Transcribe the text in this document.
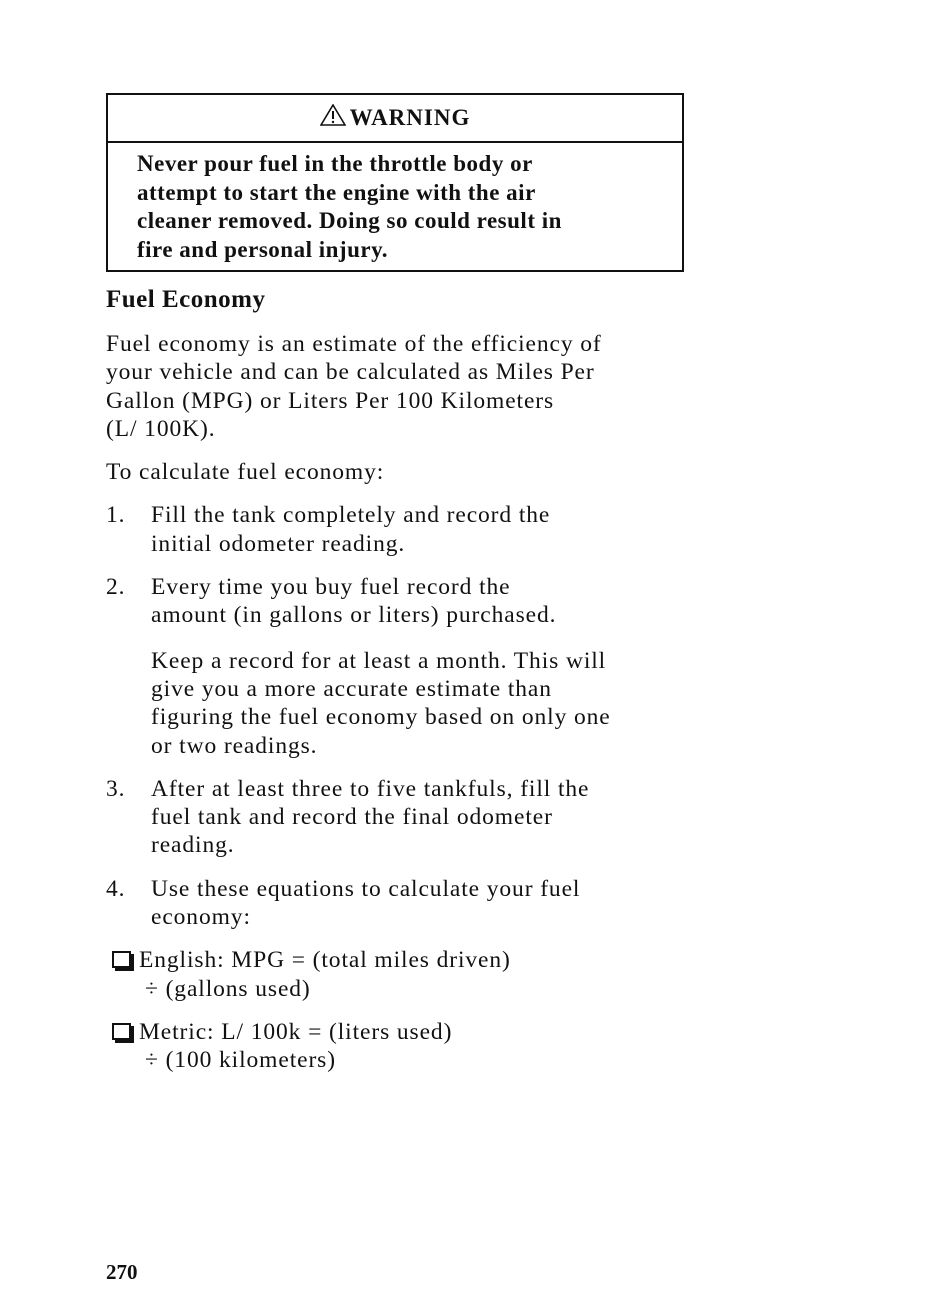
WARNING
Never pour fuel in the throttle body or
attempt to start the engine with the air
cleaner removed. Doing so could result in
fire and personal injury.
Fuel Economy
Fuel economy is an estimate of the efficiency of
your vehicle and can be calculated as Miles Per
Gallon (MPG) or Liters Per 100 Kilometers
(L/ 100K).
To calculate fuel economy:
1.	Fill the tank completely and record the
initial odometer reading.
2.	Every time you buy fuel record the
amount (in gallons or liters) purchased.
Keep a record for at least a month. This will
give you a more accurate estimate than
figuring the fuel economy based on only one
or two readings.
3.	After at least three to five tankfuls, fill the
fuel tank and record the final odometer
reading.
4.	Use these equations to calculate your fuel
economy:
English: MPG = (total miles driven)
÷ (gallons used)
Metric: L/ 100k = (liters used)
÷ (100 kilometers)
270
